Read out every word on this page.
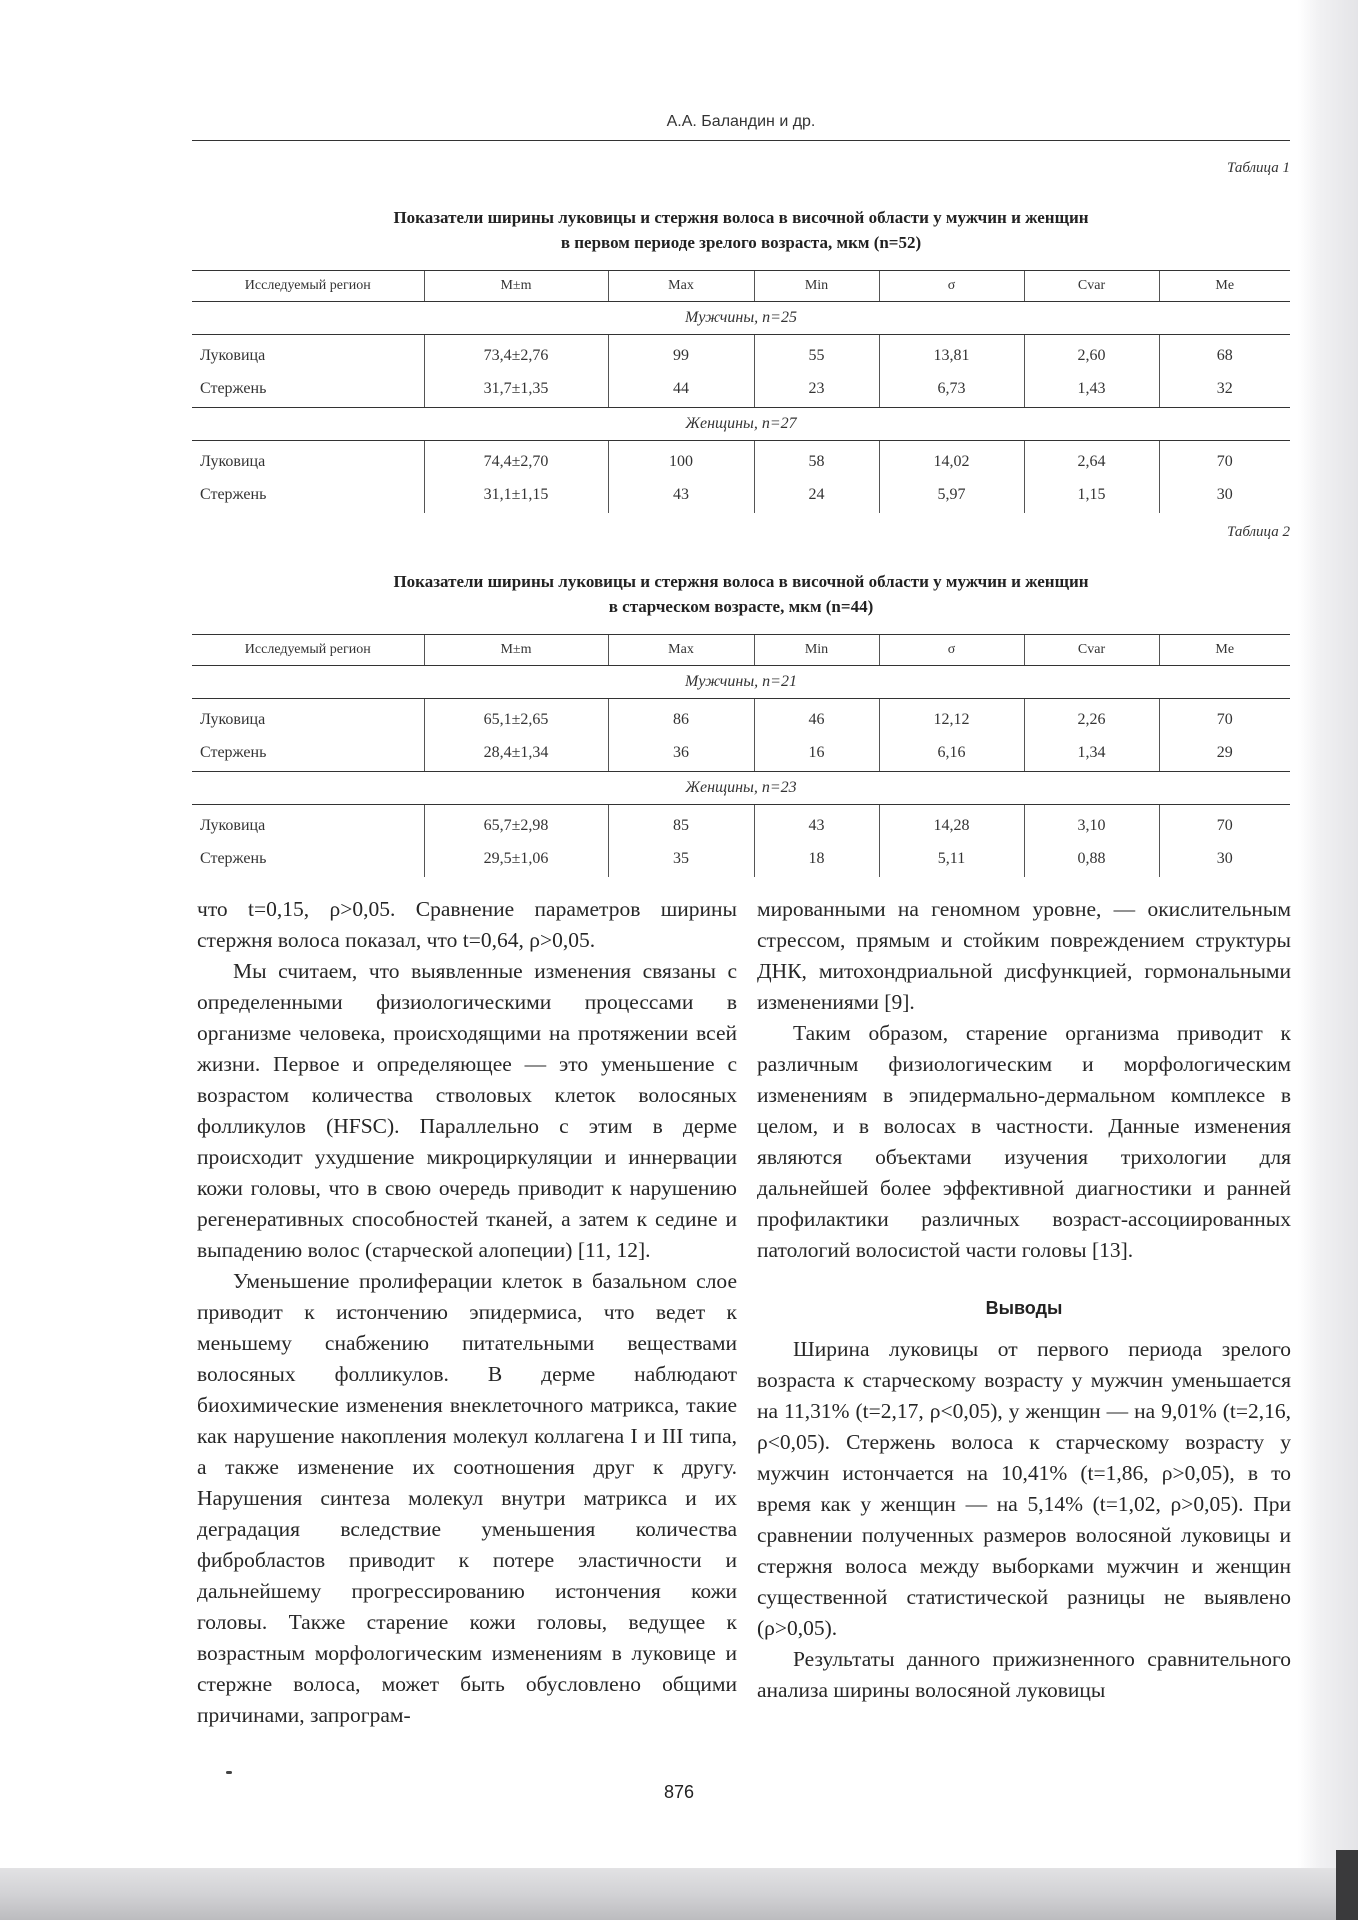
А.А. Баландин и др.
Таблица 1
Показатели ширины луковицы и стержня волоса в височной области у мужчин и женщин
в первом периоде зрелого возраста, мкм (n=52)
Исследуемый регион	M±m	Max	Min	σ	Cvar	Me
Мужчины, n=25						
Луковица	73,4±2,76	99	55	13,81	2,60	68
Стержень	31,7±1,35	44	23	6,73	1,43	32
Женщины, n=27						
Луковица	74,4±2,70	100	58	14,02	2,64	70
Стержень	31,1±1,15	43	24	5,97	1,15	30
Таблица 2
Показатели ширины луковицы и стержня волоса в височной области у мужчин и женщин
в старческом возрасте, мкм (n=44)
Исследуемый регион	M±m	Max	Min	σ	Cvar	Me
Мужчины, n=21						
Луковица	65,1±2,65	86	46	12,12	2,26	70
Стержень	28,4±1,34	36	16	6,16	1,34	29
Женщины, n=23						
Луковица	65,7±2,98	85	43	14,28	3,10	70
Стержень	29,5±1,06	35	18	5,11	0,88	30

что t=0,15, ρ>0,05. Сравнение параметров ширины стержня волоса показал, что t=0,64, ρ>0,05.

Мы считаем, что выявленные изменения связаны с определенными физиологическими процессами в организме человека, происходящими на протяжении всей жизни. Первое и определяющее — это уменьшение с возрастом количества стволовых клеток волосяных фолликулов (HFSC). Параллельно с этим в дерме происходит ухудшение микроциркуляции и иннервации кожи головы, что в свою очередь приводит к нарушению регенеративных способностей тканей, а затем к седине и выпадению волос (старческой алопеции) [11, 12].

Уменьшение пролиферации клеток в базальном слое приводит к истончению эпидермиса, что ведет к меньшему снабжению питательными веществами волосяных фолликулов. В дерме наблюдают биохимические изменения внеклеточного матрикса, такие как нарушение накопления молекул коллагена I и III типа, а также изменение их соотношения друг к другу. Нарушения синтеза молекул внутри матрикса и их деградация вследствие уменьшения количества фибробластов приводит к потере эластичности и дальнейшему прогрессированию истончения кожи головы. Также старение кожи головы, ведущее к возрастным морфологическим изменениям в луковице и стержне волоса, может быть обусловлено общими причинами, запрограм-

мированными на геномном уровне, — окислительным стрессом, прямым и стойким повреждением структуры ДНК, митохондриальной дисфункцией, гормональными изменениями [9].

Таким образом, старение организма приводит к различным физиологическим и морфологическим изменениям в эпидермально-дермальном комплексе в целом, и в волосах в частности. Данные изменения являются объектами изучения трихологии для дальнейшей более эффективной диагностики и ранней профилактики различных возраст-ассоциированных патологий волосистой части головы [13].

Выводы

Ширина луковицы от первого периода зрелого возраста к старческому возрасту у мужчин уменьшается на 11,31% (t=2,17, ρ<0,05), у женщин — на 9,01% (t=2,16, ρ<0,05). Стержень волоса к старческому возрасту у мужчин истончается на 10,41% (t=1,86, ρ>0,05), в то время как у женщин — на 5,14% (t=1,02, ρ>0,05). При сравнении полученных размеров волосяной луковицы и стержня волоса между выборками мужчин и женщин существенной статистической разницы не выявлено (ρ>0,05).

Результаты данного прижизненного сравнительного анализа ширины волосяной луковицы

876
